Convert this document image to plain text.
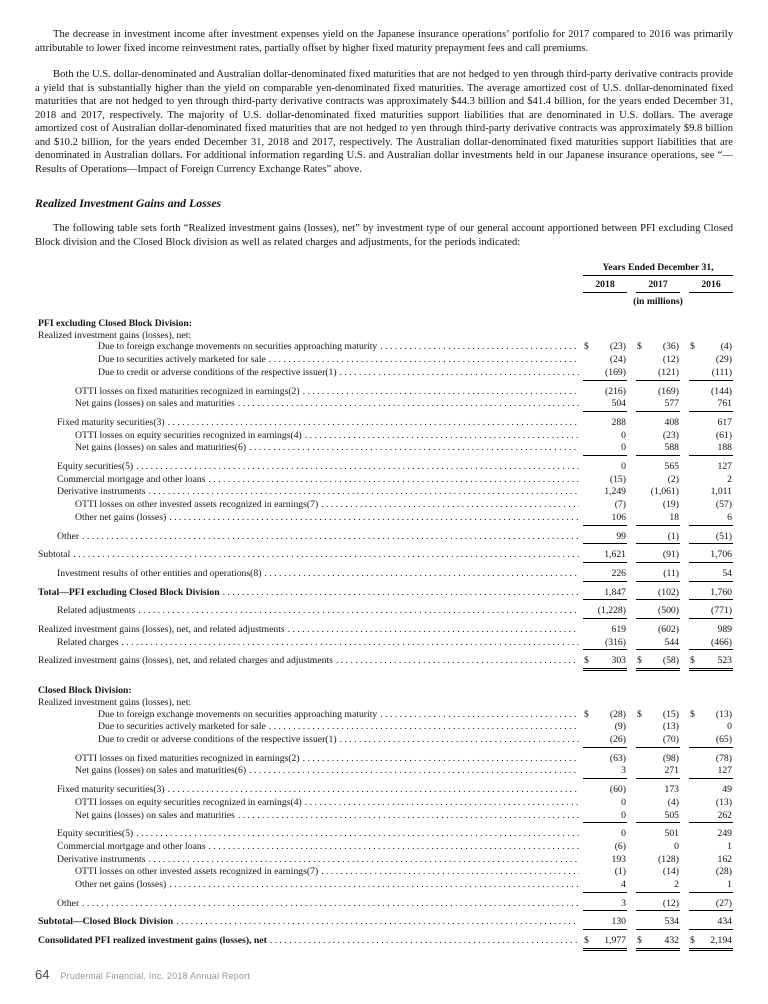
The decrease in investment income after investment expenses yield on the Japanese insurance operations’ portfolio for 2017 compared to 2016 was primarily attributable to lower fixed income reinvestment rates, partially offset by higher fixed maturity prepayment fees and call premiums.

Both the U.S. dollar-denominated and Australian dollar-denominated fixed maturities that are not hedged to yen through third-party derivative contracts provide a yield that is substantially higher than the yield on comparable yen-denominated fixed maturities. The average amortized cost of U.S. dollar-denominated fixed maturities that are not hedged to yen through third-party derivative contracts was approximately $44.3 billion and $41.4 billion, for the years ended December 31, 2018 and 2017, respectively. The majority of U.S. dollar-denominated fixed maturities support liabilities that are denominated in U.S. dollars. The average amortized cost of Australian dollar-denominated fixed maturities that are not hedged to yen through third-party derivative contracts was approximately $9.8 billion and $10.2 billion, for the years ended December 31, 2018 and 2017, respectively. The Australian dollar-denominated fixed maturities support liabilities that are denominated in Australian dollars. For additional information regarding U.S. and Australian dollar investments held in our Japanese insurance operations, see “—Results of Operations—Impact of Foreign Currency Exchange Rates” above.

Realized Investment Gains and Losses

The following table sets forth “Realized investment gains (losses), net” by investment type of our general account apportioned between PFI excluding Closed Block division and the Closed Block division as well as related charges and adjustments, for the periods indicated:

Years Ended December 31,
2018	2017	2016
(in millions)
PFI excluding Closed Block Division:
Realized investment gains (losses), net:
Due to foreign exchange movements on securities approaching maturity . . .	$ (23) $ (36) $	(4)
Due to securities actively marketed for sale . . .	(24)	(12)	(29)
Due to credit or adverse conditions of the respective issuer(1) . . .	(169)	(121)	(111)
OTTI losses on fixed maturities recognized in earnings(2) . . .	(216)	(169)	(144)
Net gains (losses) on sales and maturities . . .	504	577	761
Fixed maturity securities(3) . . .	288	408	617
OTTI losses on equity securities recognized in earnings(4) . . .	0	(23)	(61)
Net gains (losses) on sales and maturities(6) . . .	0	588	188
Equity securities(5) . . .	0	565	127
Commercial mortgage and other loans . . .	(15)	(2)	2
Derivative instruments . . .	1,249	(1,061)	1,011
OTTI losses on other invested assets recognized in earnings(7) . . .	(7)	(19)	(57)
Other net gains (losses) . . .	106	18	6
Other . . .	99	(1)	(51)
Subtotal . . .	1,621	(91)	1,706
Investment results of other entities and operations(8) . . .	226	(11)	54
Total—PFI excluding Closed Block Division . . .	1,847	(102)	1,760
Related adjustments . . .	(1,228)	(500)	(771)
Realized investment gains (losses), net, and related adjustments . . .	619	(602)	989
Related charges . . .	(316)	544	(466)
Realized investment gains (losses), net, and related charges and adjustments . . .	$ 303 $ (58) $ 523
Closed Block Division:
Realized investment gains (losses), net:
Due to foreign exchange movements on securities approaching maturity . . .	$ (28) $ (15) $ (13)
Due to securities actively marketed for sale . . .	(9)	(13)	0
Due to credit or adverse conditions of the respective issuer(1) . . .	(26)	(70)	(65)
OTTI losses on fixed maturities recognized in earnings(2) . . .	(63)	(98)	(78)
Net gains (losses) on sales and maturities(6) . . .	3	271	127
Fixed maturity securities(3) . . .	(60)	173	49
OTTI losses on equity securities recognized in earnings(4) . . .	0	(4)	(13)
Net gains (losses) on sales and maturities . . .	0	505	262
Equity securities(5) . . .	0	501	249
Commercial mortgage and other loans . . .	(6)	0	1
Derivative instruments . . .	193	(128)	162
OTTI losses on other invested assets recognized in earnings(7) . . .	(1)	(14)	(28)
Other net gains (losses) . . .	4	2	1
Other . . .	3	(12)	(27)
Subtotal—Closed Block Division . . .	130	534	434
Consolidated PFI realized investment gains (losses), net . . .	$ 1,977 $ 432 $ 2,194
64 Prudential Financial, Inc. 2018 Annual Report
